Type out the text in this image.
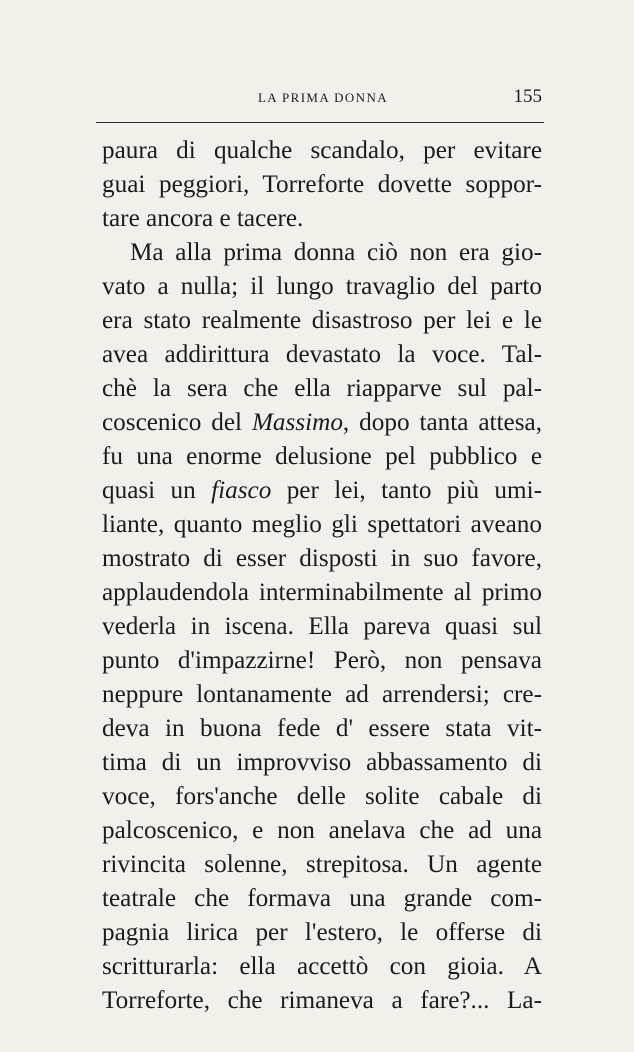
LA PRIMA DONNA	155
paura di qualche scandalo, per evitare
guai peggiori, Torreforte dovette soppor-
tare ancora e tacere.
Ma alla prima donna ciò non era gio-
vato a nulla; il lungo travaglio del parto
era stato realmente disastroso per lei e le
avea addirittura devastato la voce. Tal-
chè la sera che ella riapparve sul pal-
coscenico del Massimo, dopo tanta attesa,
fu una enorme delusione pel pubblico e
quasi un fiasco per lei, tanto più umi-
liante, quanto meglio gli spettatori aveano
mostrato di esser disposti in suo favore,
applaudendola interminabilmente al primo
vederla in iscena. Ella pareva quasi sul
punto d'impazzirne! Però, non pensava
neppure lontanamente ad arrendersi; cre-
deva in buona fede d' essere stata vit-
tima di un improvviso abbassamento di
voce, fors'anche delle solite cabale di
palcoscenico, e non anelava che ad una
rivincita solenne, strepitosa. Un agente
teatrale che formava una grande com-
pagnia lirica per l'estero, le offerse di
scritturarla: ella accettò con gioia. A
Torreforte, che rimaneva a fare?... La-
